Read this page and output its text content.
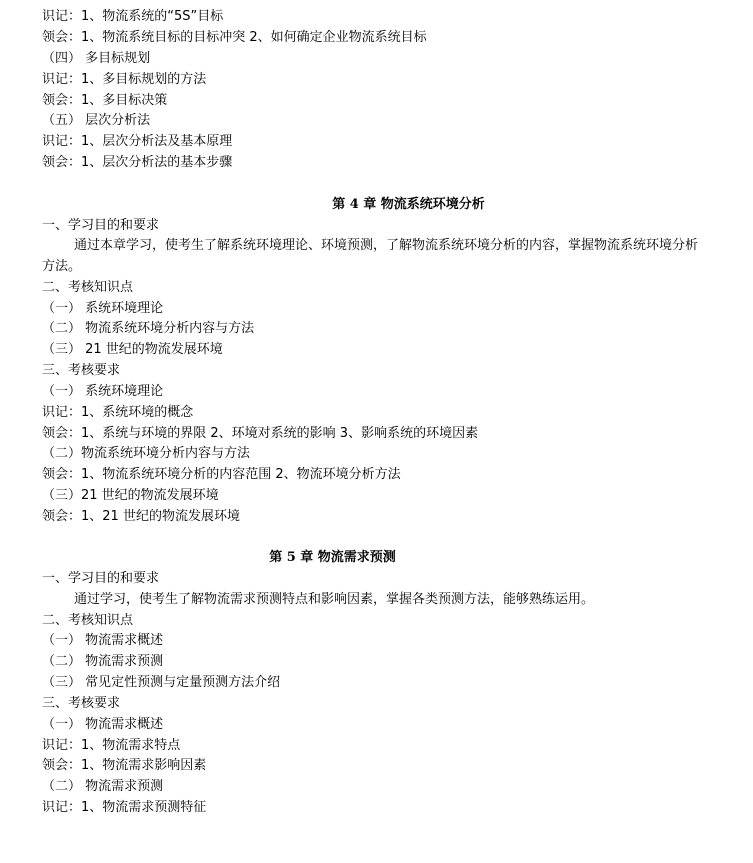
识记：1、物流系统的“5S”目标
领会：1、物流系统目标的目标冲突 2、如何确定企业物流系统目标
（四） 多目标规划
识记：1、多目标规划的方法
领会：1、多目标决策
（五） 层次分析法
识记：1、层次分析法及基本原理
领会：1、层次分析法的基本步骤
第 4 章 物流系统环境分析
一、学习目的和要求
通过本章学习，使考生了解系统环境理论、环境预测，了解物流系统环境分析的内容，掌握物流系统环境分析
方法。
二、考核知识点
（一） 系统环境理论
（二） 物流系统环境分析内容与方法
（三） 21 世纪的物流发展环境
三、考核要求
（一） 系统环境理论
识记：1、系统环境的概念
领会：1、系统与环境的界限 2、环境对系统的影响 3、影响系统的环境因素
（二）物流系统环境分析内容与方法
领会：1、物流系统环境分析的内容范围 2、物流环境分析方法
（三）21 世纪的物流发展环境
领会：1、21 世纪的物流发展环境
第 5 章 物流需求预测
一、学习目的和要求
通过学习，使考生了解物流需求预测特点和影响因素，掌握各类预测方法，能够熟练运用。
二、考核知识点
（一） 物流需求概述
（二） 物流需求预测
（三） 常见定性预测与定量预测方法介绍
三、考核要求
（一） 物流需求概述
识记：1、物流需求特点
领会：1、物流需求影响因素
（二） 物流需求预测
识记：1、物流需求预测特征
